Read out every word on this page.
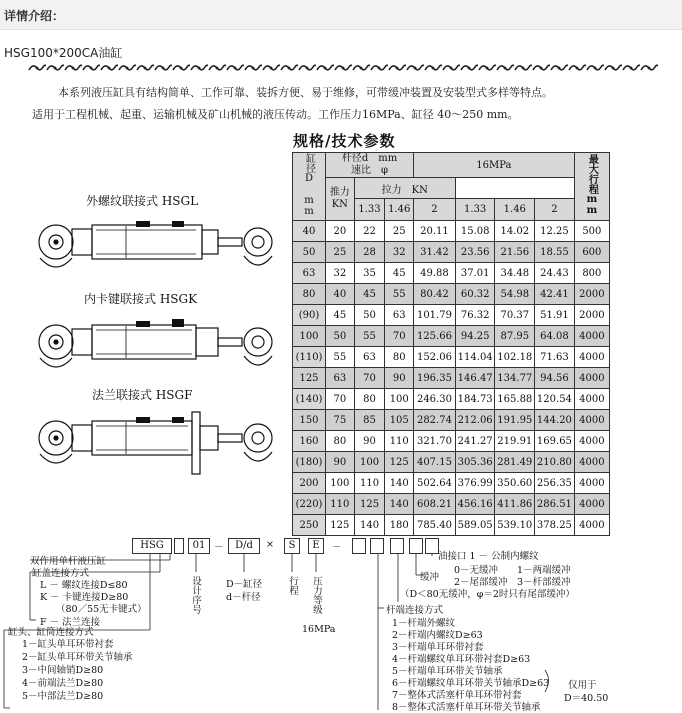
详情介绍：
HSG100*200CA油缸

本系列液压缸具有结构简单、工作可靠、装拆方便、易于维修，可带缓冲装置及安装型式多样等特点。

适用于工程机械、起重、运输机械及矿山机械的液压传动。工作压力16MPa、缸径 40～250 mm。
规格/技术参数
缸径D mm	杆径d　mm
速比　φ			16MPa				最大行程mm
	推力KN	拉力　KN						
		1.33	1.46	2	1.33	1.46	2	
40	20	22	25	20.11	15.08	14.02	12.25	500
50	25	28	32	31.42	23.56	21.56	18.55	600
63	32	35	45	49.88	37.01	34.48	24.43	800
80	40	45	55	80.42	60.32	54.98	42.41	2000
(90)	45	50	63	101.79	76.32	70.37	51.91	2000
100	50	55	70	125.66	94.25	87.95	64.08	4000
(110)	55	63	80	152.06	114.04	102.18	71.63	4000
125	63	70	90	196.35	146.47	134.77	94.56	4000
(140)	70	80	100	246.30	184.73	165.88	120.54	4000
150	75	85	105	282.74	212.06	191.95	144.20	4000
160	80	90	110	321.70	241.27	219.91	169.65	4000
(180)	90	100	125	407.15	305.36	281.49	210.80	4000
200	100	110	140	502.64	376.99	350.60	256.35	4000
(220)	110	125	140	608.21	456.16	411.86	286.51	4000
250	125	140	180	785.40	589.05	539.10	378.25	4000
外螺纹联接式 HSGL
内卡键联接式 HSGK
法兰联接式 HSGF
HSG	01 －	D/d	×	S	E	－
双作用单杆液压缸
缸盖连接方式
L － 螺纹连接D≤80
K － 卡键连接D≥80
（80／55无卡键式）
F － 法兰连接
缸头、缸筒连接方式
1－缸头单耳环带衬套
2－缸头单耳环带关节轴承
3－中间轴销D≥80
4－前端法兰D≥80
5－中部法兰D≥80
设计序号	D－缸径
d－杆径
行程 压力等级
16MPa
油接口 1 － 公制内螺纹
0－无缓冲　　1－两端缓冲
缓冲 2－尾部缓冲　3－杆部缓冲
（D＜80无缓冲，φ＝2时只有尾部缓冲）
杆端连接方式
1－杆端外螺纹
2－杆端内螺纹D≥63
3－杆端单耳环带衬套
4－杆端螺纹单耳环带衬套D≥63
5－杆端单耳环带关节轴承
6－杆端螺纹单耳环带关节轴承D≥63
7－整体式活塞杆单耳环带衬套
8－整体式活塞杆单耳环带关节轴承
仅用于
D＝40.50
